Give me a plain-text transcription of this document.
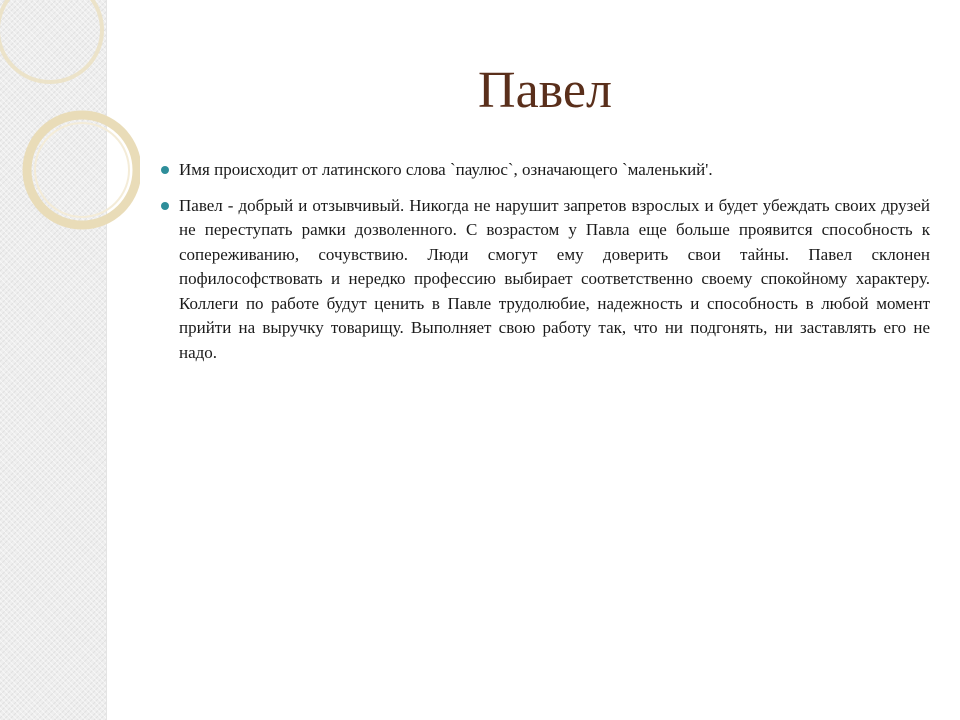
Павел
Имя происходит от латинского слова `паулюс`, означающего `маленький'.
Павел - добрый и отзывчивый. Никогда не нарушит запретов взрослых и будет убеждать своих друзей не переступать рамки дозволенного. С возрастом у Павла еще больше проявится способность к сопереживанию, сочувствию. Люди смогут ему доверить свои тайны. Павел склонен пофилософствовать и нередко профессию выбирает соответственно своему спокойному характеру. Коллеги по работе будут ценить в Павле трудолюбие, надежность и способность в любой момент прийти на выручку товарищу. Выполняет свою работу так, что ни подгонять, ни заставлять его не надо.
